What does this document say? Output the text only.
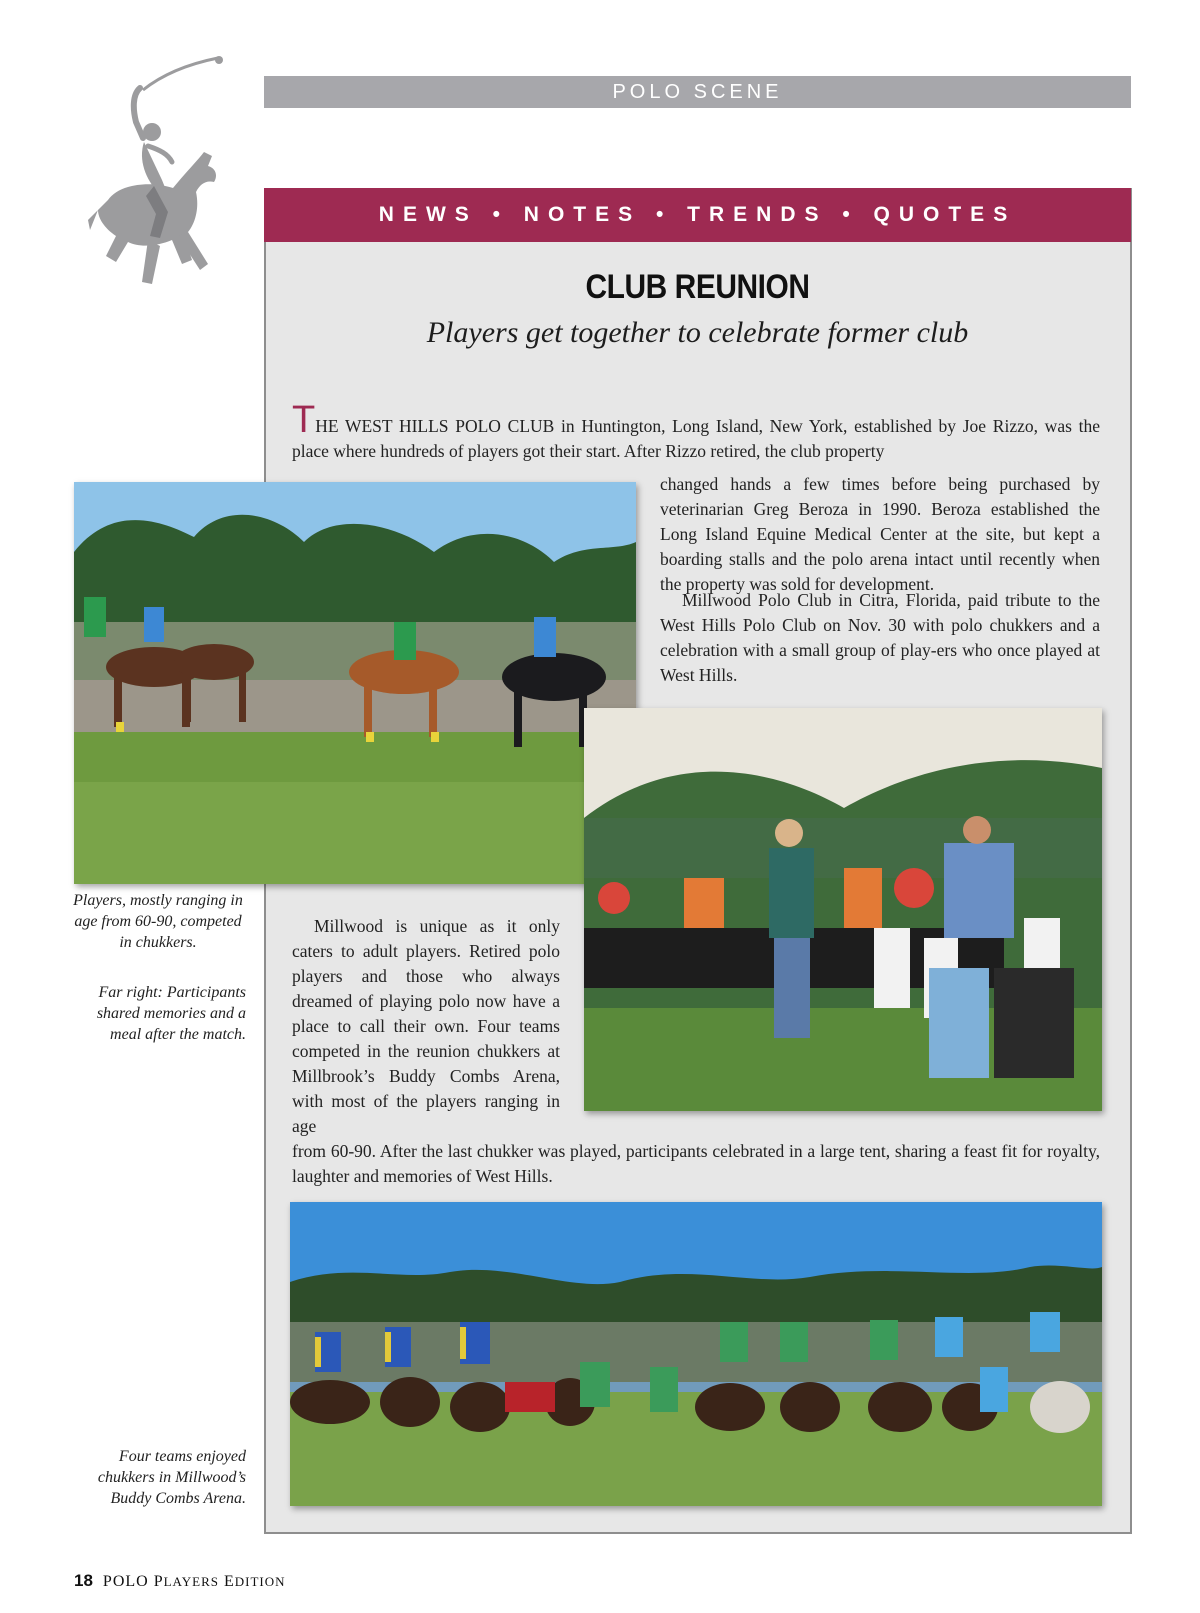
POLO SCENE
NEWS • NOTES • TRENDS • QUOTES
CLUB REUNION
Players get together to celebrate former club
THE WEST HILLS POLO CLUB in Huntington, Long Island, New York, established by Joe Rizzo, was the place where hundreds of players got their start. After Rizzo retired, the club property
changed hands a few times before being purchased by veterinarian Greg Beroza in 1990. Beroza established the Long Island Equine Medical Center at the site, but kept a boarding stalls and the polo arena intact until recently when the property was sold for development.
Millwood Polo Club in Citra, Florida, paid tribute to the West Hills Polo Club on Nov. 30 with polo chukkers and a celebration with a small group of play-ers who once played at West Hills.
Millwood is unique as it only caters to adult players. Retired polo players and those who always dreamed of playing polo now have a place to call their own. Four teams competed in the reunion chukkers at Millbrook’s Buddy Combs Arena, with most of the players ranging in age
from 60-90. After the last chukker was played, participants celebrated in a large tent, sharing a feast fit for royalty, laughter and memories of West Hills.
Players, mostly ranging in age from 60-90, competed in chukkers.
Far right: Participants shared memories and a meal after the match.
Four teams enjoyed chukkers in Millwood’s Buddy Combs Arena.
18 POLO PLAYERS EDITION
